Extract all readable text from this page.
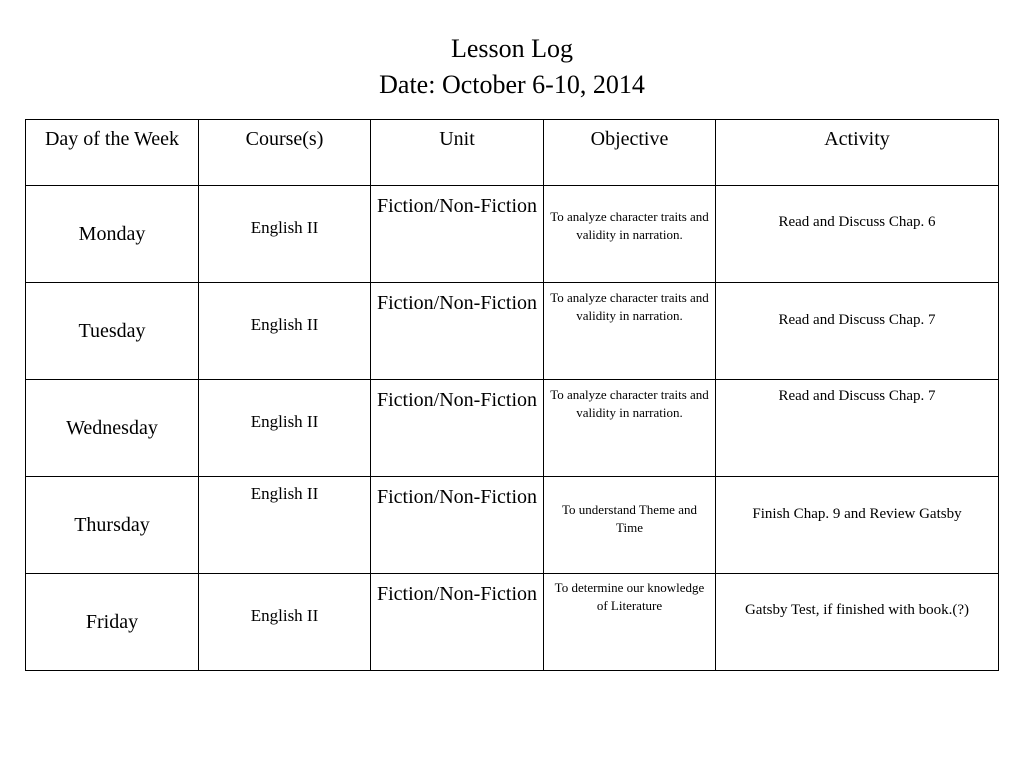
Lesson Log
Date: October 6-10, 2014
Day of the Week	Course(s)	Unit	Objective	Activity
Monday	English II	Fiction/Non-Fiction	To analyze character traits and validity in narration.	Read and Discuss Chap. 6
Tuesday	English II	Fiction/Non-Fiction	To analyze character traits and validity in narration.	Read and Discuss Chap. 7
Wednesday	English II	Fiction/Non-Fiction	To analyze character traits and validity in narration.	Read and Discuss Chap. 7
Thursday	English II	Fiction/Non-Fiction	To understand Theme and Time	Finish Chap. 9 and Review Gatsby
Friday	English II	Fiction/Non-Fiction	To determine our knowledge of Literature	Gatsby Test, if finished with book.(?)
